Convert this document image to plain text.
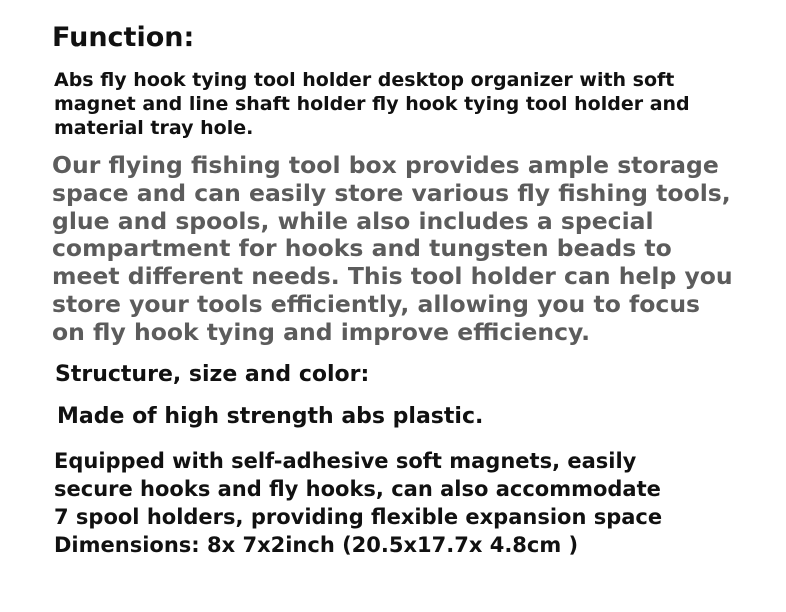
Function:

Abs fly hook tying tool holder desktop organizer with soft
magnet and line shaft holder fly hook tying tool holder and
material tray hole.

Our flying fishing tool box provides ample storage
space and can easily store various fly fishing tools,
glue and spools, while also includes a special
compartment for hooks and tungsten beads to
meet different needs. This tool holder can help you
store your tools efficiently, allowing you to focus
on fly hook tying and improve efficiency.

Structure, size and color:

Made of high strength abs plastic.

Equipped with self-adhesive soft magnets, easily
secure hooks and fly hooks, can also accommodate
7 spool holders, providing flexible expansion space
Dimensions: 8x 7x2inch (20.5x17.7x 4.8cm )
